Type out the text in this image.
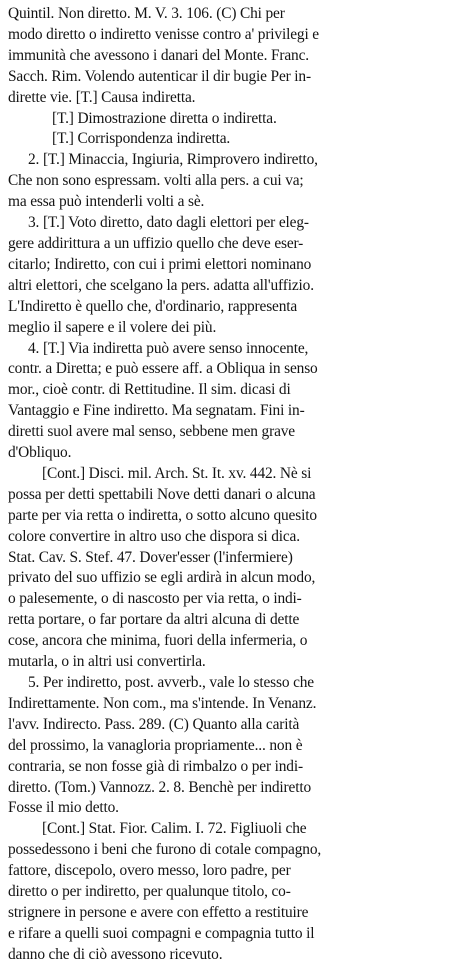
Quintil. Non diretto. M. V. 3. 106. (C) Chi per
modo diretto o indiretto venisse contro a' privilegi e
immunità che avessono i danari del Monte. Franc.
Sacch. Rim. Volendo autenticar il dir bugie Per in-
dirette vie. [T.] Causa indiretta.
[T.] Dimostrazione diretta o indiretta.
[T.] Corrispondenza indiretta.
2. [T.] Minaccia, Ingiuria, Rimprovero indiretto,
Che non sono espressam. volti alla pers. a cui va;
ma essa può intenderli volti a sè.
3. [T.] Voto diretto, dato dagli elettori per eleg-
gere addirittura a un uffizio quello che deve eser-
citarlo; Indiretto, con cui i primi elettori nominano
altri elettori, che scelgano la pers. adatta all'uffizio.
L'Indiretto è quello che, d'ordinario, rappresenta
meglio il sapere e il volere dei più.
4. [T.] Via indiretta può avere senso innocente,
contr. a Diretta; e può essere aff. a Obliqua in senso
mor., cioè contr. di Rettitudine. Il sim. dicasi di
Vantaggio e Fine indiretto. Ma segnatam. Fini in-
diretti suol avere mal senso, sebbene men grave
d'Obliquo.
[Cont.] Disci. mil. Arch. St. It. xv. 442. Nè si
possa per detti spettabili Nove detti danari o alcuna
parte per via retta o indiretta, o sotto alcuno quesito
colore convertire in altro uso che dispora si dica.
Stat. Cav. S. Stef. 47. Dover'esser (l'infermiere)
privato del suo uffizio se egli ardirà in alcun modo,
o palesemente, o di nascosto per via retta, o indi-
retta portare, o far portare da altri alcuna di dette
cose, ancora che minima, fuori della infermeria, o
mutarla, o in altri usi convertirla.
5. Per indiretto, post. avverb., vale lo stesso che
Indirettamente. Non com., ma s'intende. In Venanz.
l'avv. Indirecto. Pass. 289. (C) Quanto alla carità
del prossimo, la vanagloria propriamente... non è
contraria, se non fosse già di rimbalzo o per indi-
diretto. (Tom.) Vannozz. 2. 8. Benchè per indiretto
Fosse il mio detto.
[Cont.] Stat. Fior. Calim. I. 72. Figliuoli che
possedessono i beni che furono di cotale compagno,
fattore, discepolo, overo messo, loro padre, per
diretto o per indiretto, per qualunque titolo, co-
strignere in persone e avere con effetto a restituire
e rifare a quelli suoi compagni e compagnia tutto il
danno che di ciò avessono ricevuto.
